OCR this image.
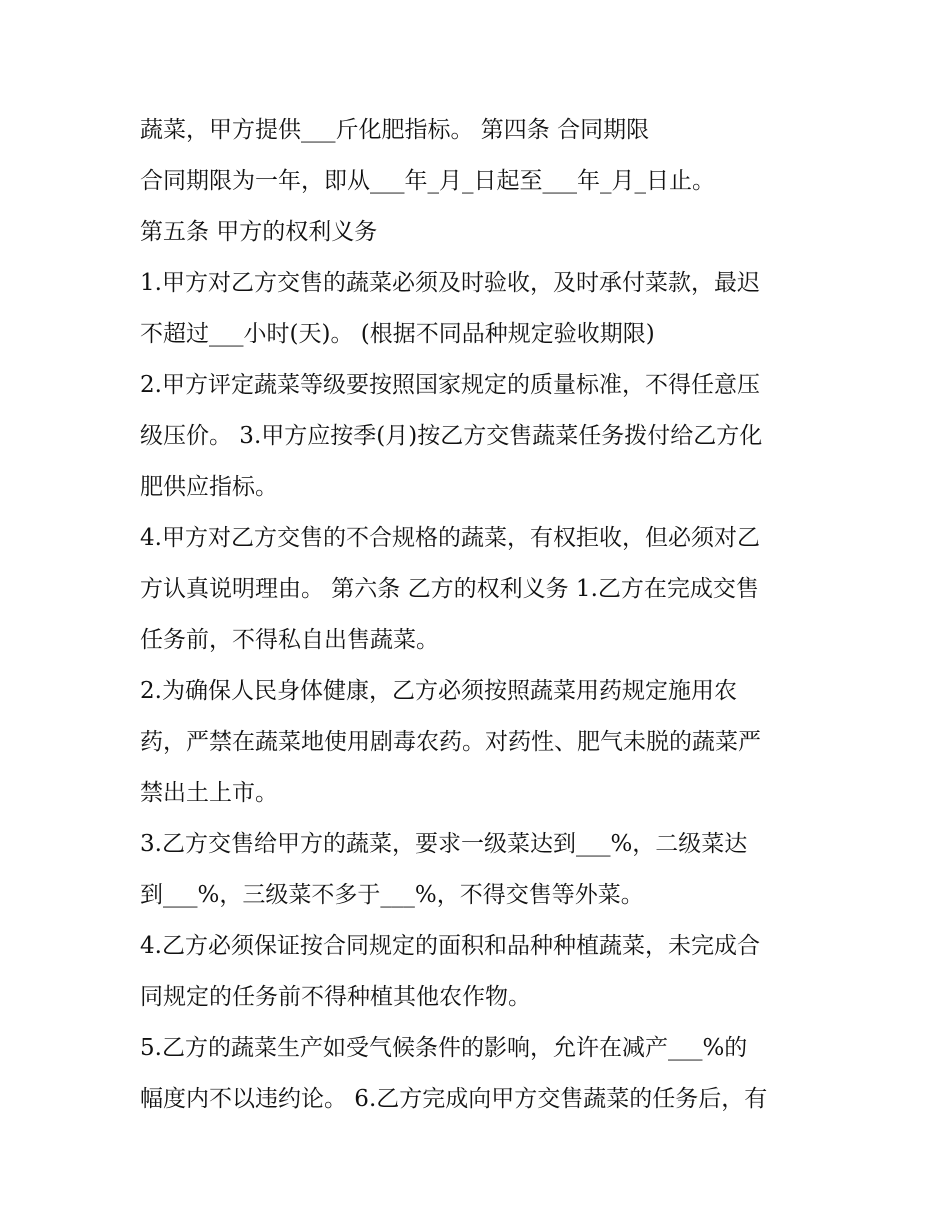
蔬菜，甲方提供___斤化肥指标。 第四条 合同期限
合同期限为一年，即从___年_月_日起至___年_月_日止。
第五条 甲方的权利义务
1.甲方对乙方交售的蔬菜必须及时验收，及时承付菜款，最迟
不超过___小时(天)。 (根据不同品种规定验收期限)
2.甲方评定蔬菜等级要按照国家规定的质量标准，不得任意压
级压价。 3.甲方应按季(月)按乙方交售蔬菜任务拨付给乙方化
肥供应指标。
4.甲方对乙方交售的不合规格的蔬菜，有权拒收，但必须对乙
方认真说明理由。 第六条 乙方的权利义务 1.乙方在完成交售
任务前，不得私自出售蔬菜。
2.为确保人民身体健康，乙方必须按照蔬菜用药规定施用农
药，严禁在蔬菜地使用剧毒农药。对药性、肥气未脱的蔬菜严
禁出土上市。
3.乙方交售给甲方的蔬菜，要求一级菜达到___%，二级菜达
到___%，三级菜不多于___%，不得交售等外菜。
4.乙方必须保证按合同规定的面积和品种种植蔬菜，未完成合
同规定的任务前不得种植其他农作物。
5.乙方的蔬菜生产如受气候条件的影响，允许在减产___%的
幅度内不以违约论。 6.乙方完成向甲方交售蔬菜的任务后，有
